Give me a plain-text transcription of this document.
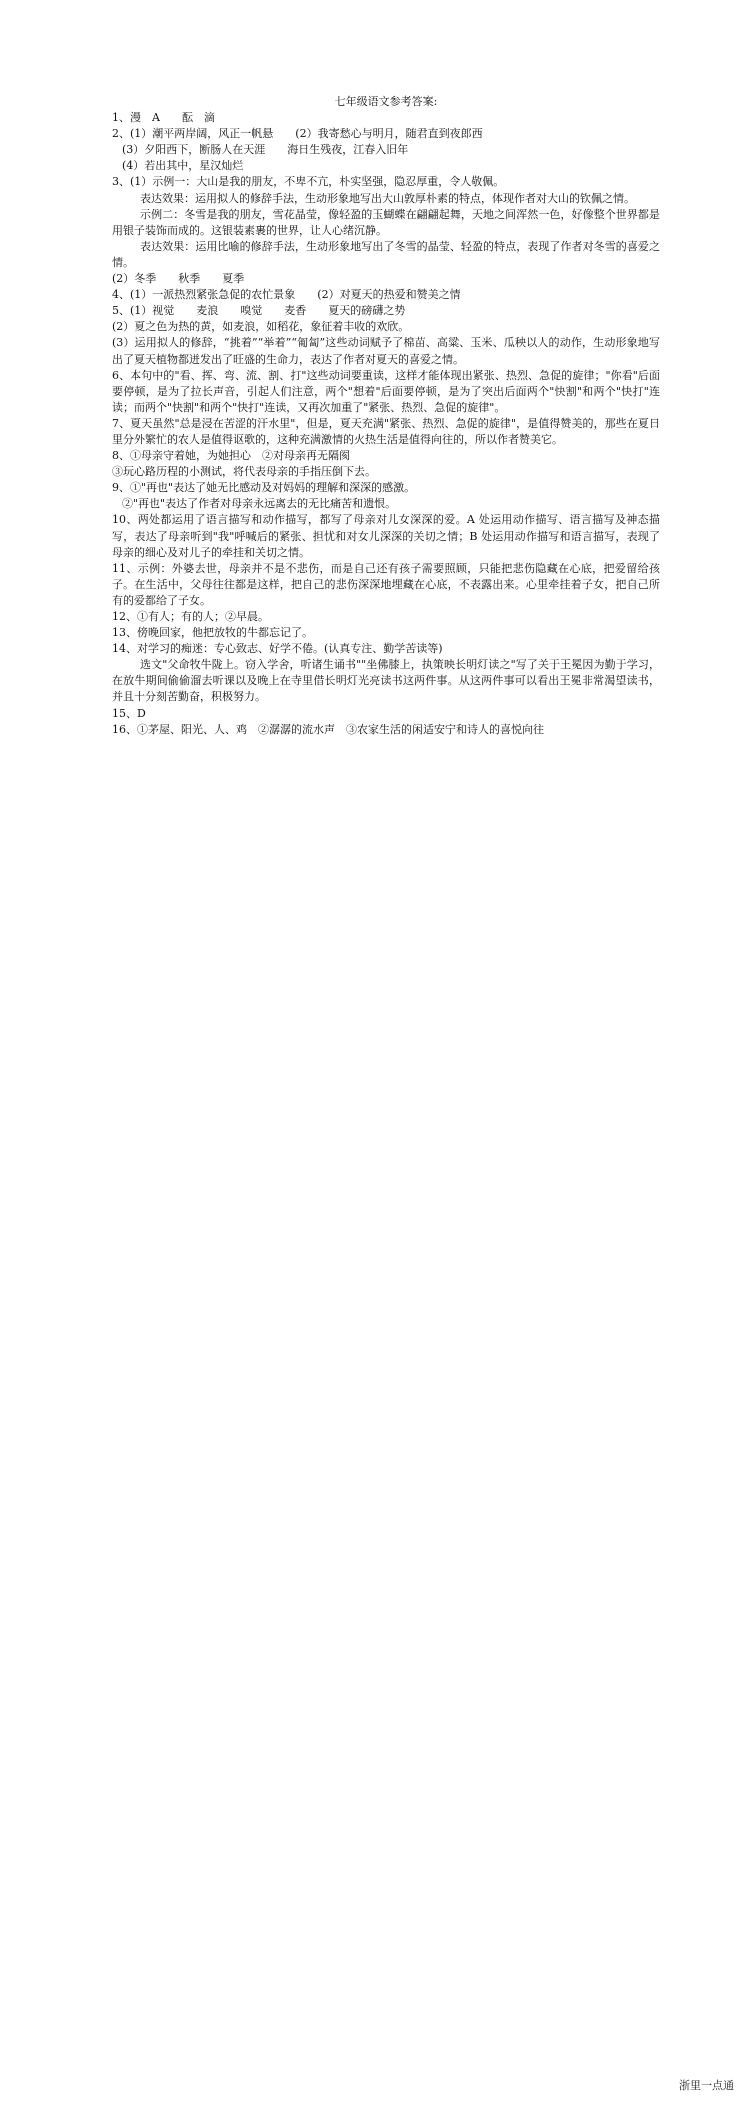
七年级语文参考答案:

1、漫　A　　酝　滴

2、(1）潮平两岸阔，风正一帆悬　　(2）我寄愁心与明月，随君直到夜郎西

(3）夕阳西下，断肠人在天涯　　海日生残夜，江春入旧年

(4）若出其中，星汉灿烂

3、(1）示例一：大山是我的朋友，不卑不亢，朴实坚强，隐忍厚重，令人敬佩。

表达效果：运用拟人的修辞手法，生动形象地写出大山敦厚朴素的特点，体现作者对大山的钦佩之情。

示例二：冬雪是我的朋友，雪花晶莹，像轻盈的玉蝴蝶在翩翩起舞，天地之间浑然一色，好像整个世界都是用银子装饰而成的。这银装素裹的世界，让人心绪沉静。

表达效果：运用比喻的修辞手法，生动形象地写出了冬雪的晶莹、轻盈的特点，表现了作者对冬雪的喜爱之情。

(2）冬季　　秋季　　夏季

4、(1）一派热烈紧张急促的农忙景象　　(2）对夏天的热爱和赞美之情

5、(1）视觉　　麦浪　　嗅觉　　麦香　　夏天的磅礴之势

(2）夏之色为热的黄，如麦浪，如稻花，象征着丰收的欢欣。

(3）运用拟人的修辞，“挑着”“举着”“匍匐”这些动词赋予了棉苗、高粱、玉米、瓜秧以人的动作，生动形象地写出了夏天植物都迸发出了旺盛的生命力，表达了作者对夏天的喜爱之情。

6、本句中的"看、挥、弯、流、割、打"这些动词要重读，这样才能体现出紧张、热烈、急促的旋律；"你看"后面要停顿，是为了拉长声音，引起人们注意，两个"想着"后面要停顿，是为了突出后面两个"快割"和两个"快打"连读；而两个"快割"和两个"快打"连读，又再次加重了"紧张、热烈、急促的旋律"。

7、夏天虽然"总是浸在苦涩的汗水里"，但是，夏天充满"紧张、热烈、急促的旋律"，是值得赞美的，那些在夏日里分外繁忙的农人是值得讴歌的，这种充满激情的火热生活是值得向往的，所以作者赞美它。

8、①母亲守着她，为她担心　②对母亲再无隔阂

③玩心路历程的小测试，将代表母亲的手指压倒下去。

9、①"再也"表达了她无比感动及对妈妈的理解和深深的感激。

②"再也"表达了作者对母亲永远离去的无比痛苦和遗恨。

10、两处都运用了语言描写和动作描写，都写了母亲对儿女深深的爱。A 处运用动作描写、语言描写及神态描写，表达了母亲听到"我"呼喊后的紧张、担忧和对女儿深深的关切之情；B 处运用动作描写和语言描写，表现了母亲的细心及对儿子的牵挂和关切之情。

11、示例：外婆去世，母亲并不是不悲伤，而是自己还有孩子需要照顾，只能把悲伤隐藏在心底，把爱留给孩子。在生活中，父母往往都是这样，把自己的悲伤深深地埋藏在心底，不表露出来。心里牵挂着子女，把自己所有的爱都给了子女。

12、①有人；有的人；②早晨。

13、傍晚回家，他把放牧的牛都忘记了。

14、对学习的痴迷：专心致志、好学不倦。(认真专注、勤学苦读等)

选文"父命牧牛陇上。窃入学舍，听诸生诵书""坐佛膝上，执策映长明灯读之"写了关于王冕因为勤于学习，在放牛期间偷偷溜去听课以及晚上在寺里借长明灯光亮读书这两件事。从这两件事可以看出王冕非常渴望读书，并且十分刻苦勤奋，积极努力。

15、D

16、①茅屋、阳光、人、鸡　②潺潺的流水声　③农家生活的闲适安宁和诗人的喜悦向往

浙里一点通
